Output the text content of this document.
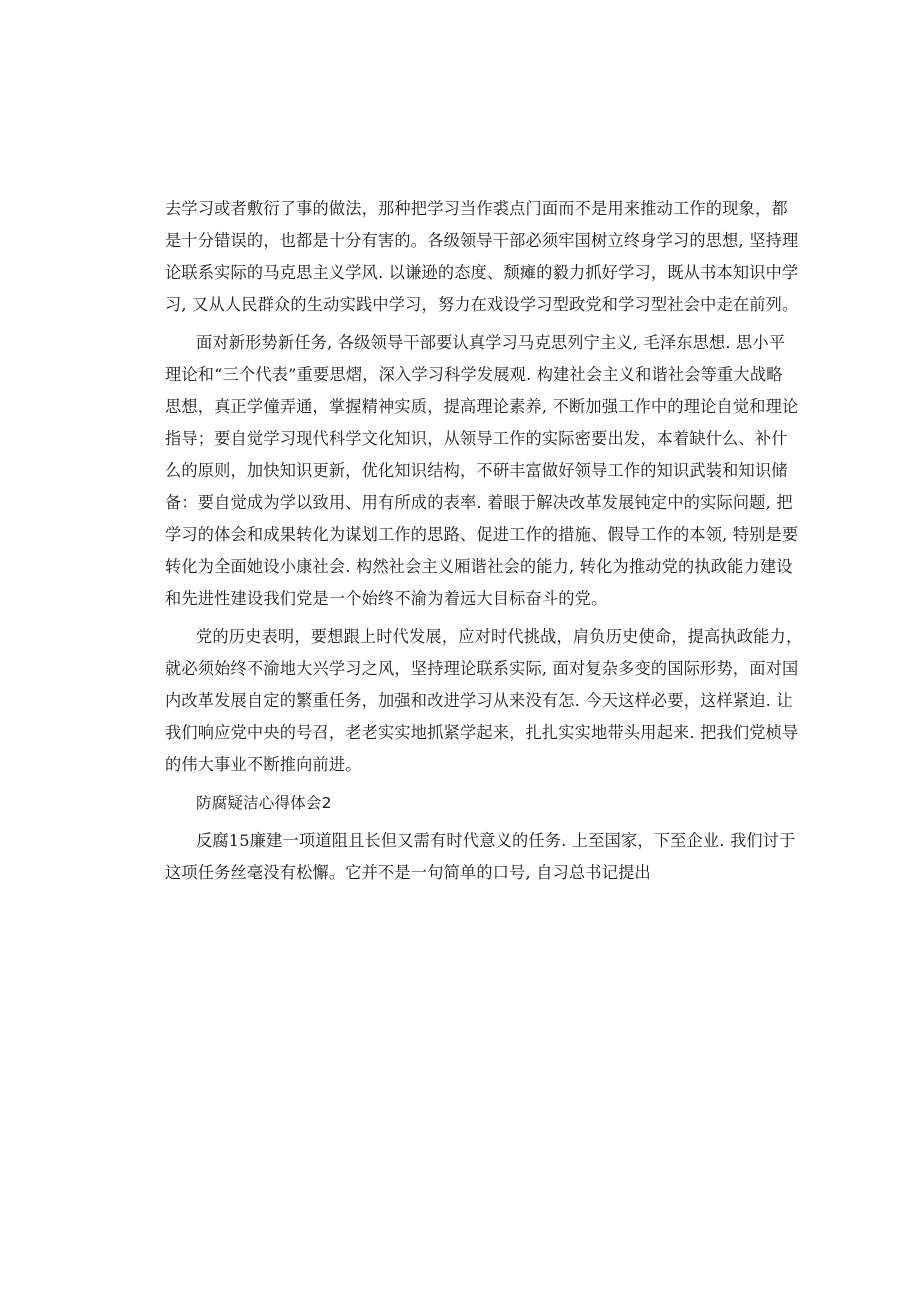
去学习或者敷衍了事的做法，那种把学习当作裘点门面而不是用来推动工作的现象，都
是十分错误的，也都是十分有害的。各级领导干部必须牢国树立终身学习的思想, 坚持理
论联系实际的马克思主义学风. 以谦逊的态度、颓瘫的毅力抓好学习，既从书本知识中学
习, 又从人民群众的生动实践中学习，努力在戏设学习型政党和学习型社会中走在前列。
面对新形势新任务, 各级领导干部要认真学习马克思列宁主义, 毛泽东思想. 思小平
理论和“三个代表”重要思熠，深入学习科学发展观. 构建社会主义和谐社会等重大战略
思想，真正学僮弄通，掌握精神实质，提高理论素养, 不断加强工作中的理论自觉和理论
指导；要自觉学习现代科学文化知识，从领导工作的实际密要出发，本着缺什么、补什
么的原则，加快知识更新，优化知识结构，不硏丰富做好领导工作的知识武装和知识储
备：要自觉成为学以致用、用有所成的表率. 着眼于解决改革发展钝定中的实际问题, 把
学习的体会和成果转化为谋划工作的思路、促进工作的措施、假导工作的本领, 特别是要
转化为全面她设小康社会. 构然社会主义厢谐社会的能力, 转化为推动党的执政能力建设
和先进性建设我们党是一个始终不渝为着远大目标奋斗的党。
党的历史表明，要想跟上时代发展，应对时代挑战，肩负历史使命，提高执政能力，
就必须始终不渝地大兴学习之风，坚持理论联系实际, 面对复杂多变的国际形势，面对国
内改革发展自定的繁重任务，加强和改进学习从来没有怎. 今天这样必要，这样紧迫. 让
我们响应党中央的号召，老老实实地抓紧学起来，扎扎实实地带头用起来. 把我们党桢导
的伟大事业不断推向前进。
防腐疑洁心得体会2
反腐15廉建一项道阻且长但又需有时代意义的任务. 上至国家，下至企业. 我们讨于
这项任务丝毫没有松懈。它并不是一句简单的口号, 自习总书记提出
